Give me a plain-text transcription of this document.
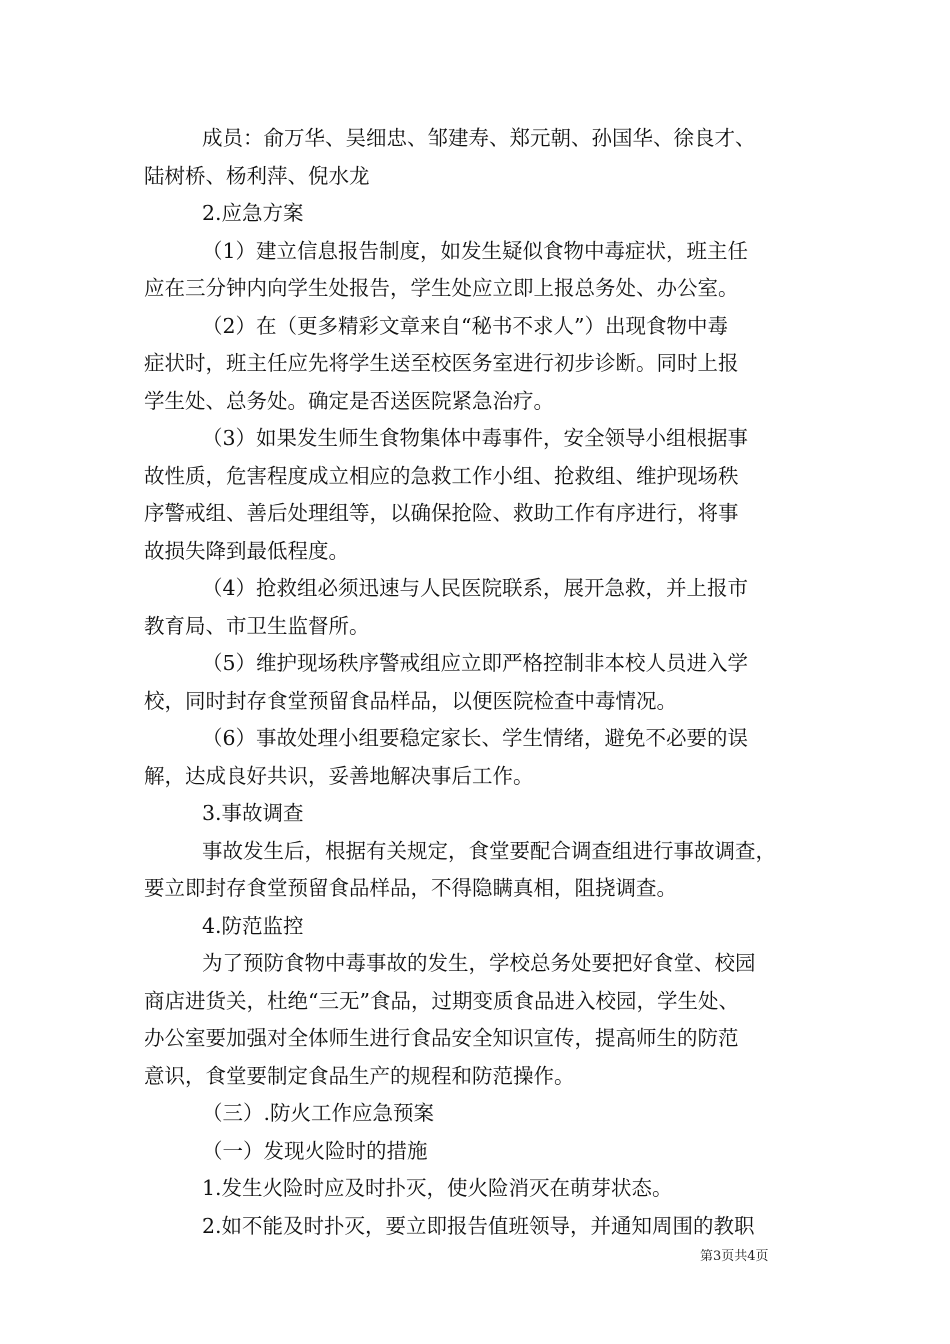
成员：俞万华、吴细忠、邹建寿、郑元朝、孙国华、徐良才、
陆树桥、杨利萍、倪水龙
2.应急方案
（1）建立信息报告制度，如发生疑似食物中毒症状，班主任
应在三分钟内向学生处报告，学生处应立即上报总务处、办公室。
（2）在（更多精彩文章来自“秘书不求人”）出现食物中毒
症状时，班主任应先将学生送至校医务室进行初步诊断。同时上报
学生处、总务处。确定是否送医院紧急治疗。
（3）如果发生师生食物集体中毒事件，安全领导小组根据事
故性质，危害程度成立相应的急救工作小组、抢救组、维护现场秩
序警戒组、善后处理组等，以确保抢险、救助工作有序进行，将事
故损失降到最低程度。
（4）抢救组必须迅速与人民医院联系，展开急救，并上报市
教育局、市卫生监督所。
（5）维护现场秩序警戒组应立即严格控制非本校人员进入学
校，同时封存食堂预留食品样品，以便医院检查中毒情况。
（6）事故处理小组要稳定家长、学生情绪，避免不必要的误
解，达成良好共识，妥善地解决事后工作。
3.事故调查
事故发生后，根据有关规定，食堂要配合调查组进行事故调查，
要立即封存食堂预留食品样品，不得隐瞒真相，阻挠调查。
4.防范监控
为了预防食物中毒事故的发生，学校总务处要把好食堂、校园
商店进货关，杜绝“三无”食品，过期变质食品进入校园，学生处、
办公室要加强对全体师生进行食品安全知识宣传，提高师生的防范
意识，食堂要制定食品生产的规程和防范操作。
（三）.防火工作应急预案
（一）发现火险时的措施
1.发生火险时应及时扑灭，使火险消灭在萌芽状态。
2.如不能及时扑灭，要立即报告值班领导，并通知周围的教职
第3页共4页
